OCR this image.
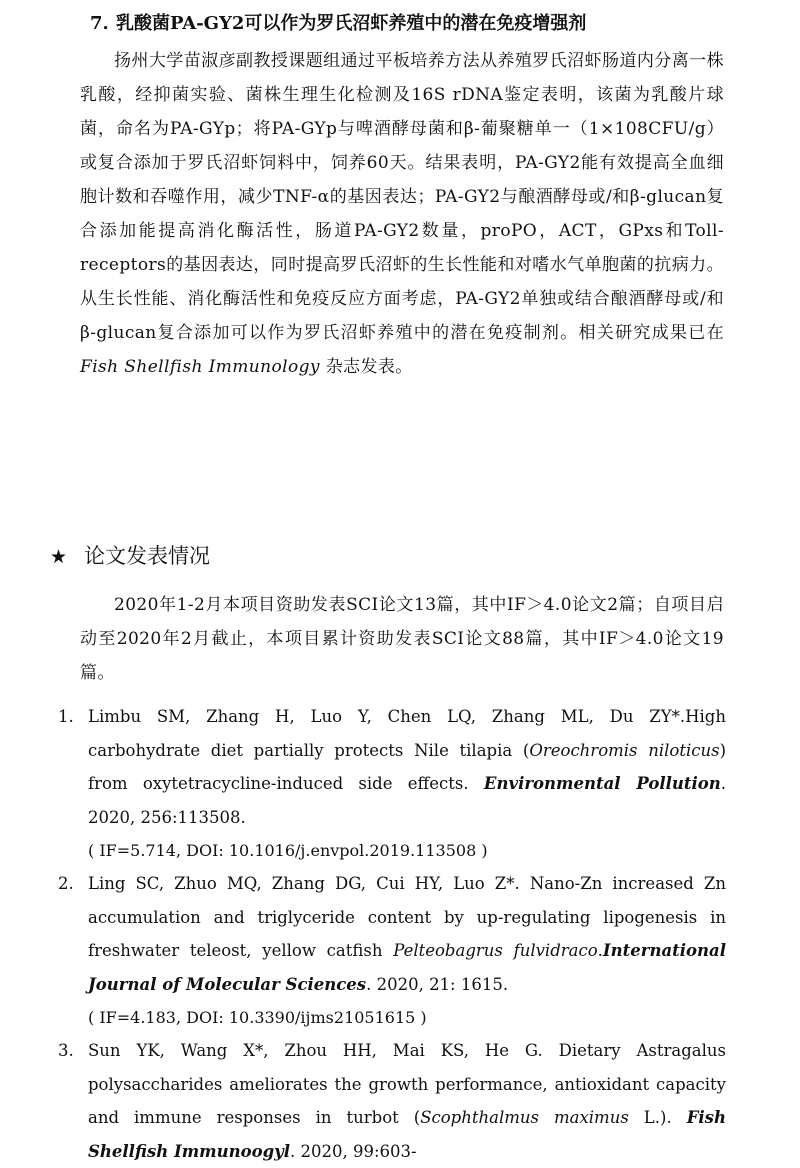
7. 乳酸菌PA-GY2可以作为罗氏沼虾养殖中的潜在免疫增强剂
扬州大学苗淑彦副教授课题组通过平板培养方法从养殖罗氏沼虾肠道内分离一株乳酸，经抑菌实验、菌株生理生化检测及16S rDNA鉴定表明，该菌为乳酸片球菌，命名为PA-GYp；将PA-GYp与啤酒酵母菌和β-葡聚糖单一（1×108CFU/g）或复合添加于罗氏沼虾饲料中，饲养60天。结果表明，PA-GY2能有效提高全血细胞计数和吞噬作用，减少TNF-α的基因表达；PA-GY2与酿酒酵母或/和β-glucan复合添加能提高消化酶活性，肠道PA-GY2数量，proPO，ACT，GPxs和Toll-receptors的基因表达，同时提高罗氏沼虾的生长性能和对嗜水气单胞菌的抗病力。从生长性能、消化酶活性和免疫反应方面考虑，PA-GY2单独或结合酿酒酵母或/和β-glucan复合添加可以作为罗氏沼虾养殖中的潜在免疫制剂。相关研究成果已在Fish Shellfish Immunology 杂志发表。
★ 论文发表情况
2020年1-2月本项目资助发表SCI论文13篇，其中IF＞4.0论文2篇；自项目启动至2020年2月截止，本项目累计资助发表SCI论文88篇，其中IF＞4.0论文19篇。
1. Limbu SM, Zhang H, Luo Y, Chen LQ, Zhang ML, Du ZY*.High carbohydrate diet partially protects Nile tilapia (Oreochromis niloticus) from oxytetracycline-induced side effects. Environmental Pollution. 2020, 256:113508.
( IF=5.714, DOI: 10.1016/j.envpol.2019.113508 )
2. Ling SC, Zhuo MQ, Zhang DG, Cui HY, Luo Z*. Nano-Zn increased Zn accumulation and triglyceride content by up-regulating lipogenesis in freshwater teleost, yellow catfish Pelteobagrus fulvidraco.International Journal of Molecular Sciences. 2020, 21: 1615.
( IF=4.183, DOI: 10.3390/ijms21051615 )
3. Sun YK, Wang X*, Zhou HH, Mai KS, He G. Dietary Astragalus polysaccharides ameliorates the growth performance, antioxidant capacity and immune responses in turbot (Scophthalmus maximus L.). Fish Shellfish Immunoogyl. 2020, 99:603-
